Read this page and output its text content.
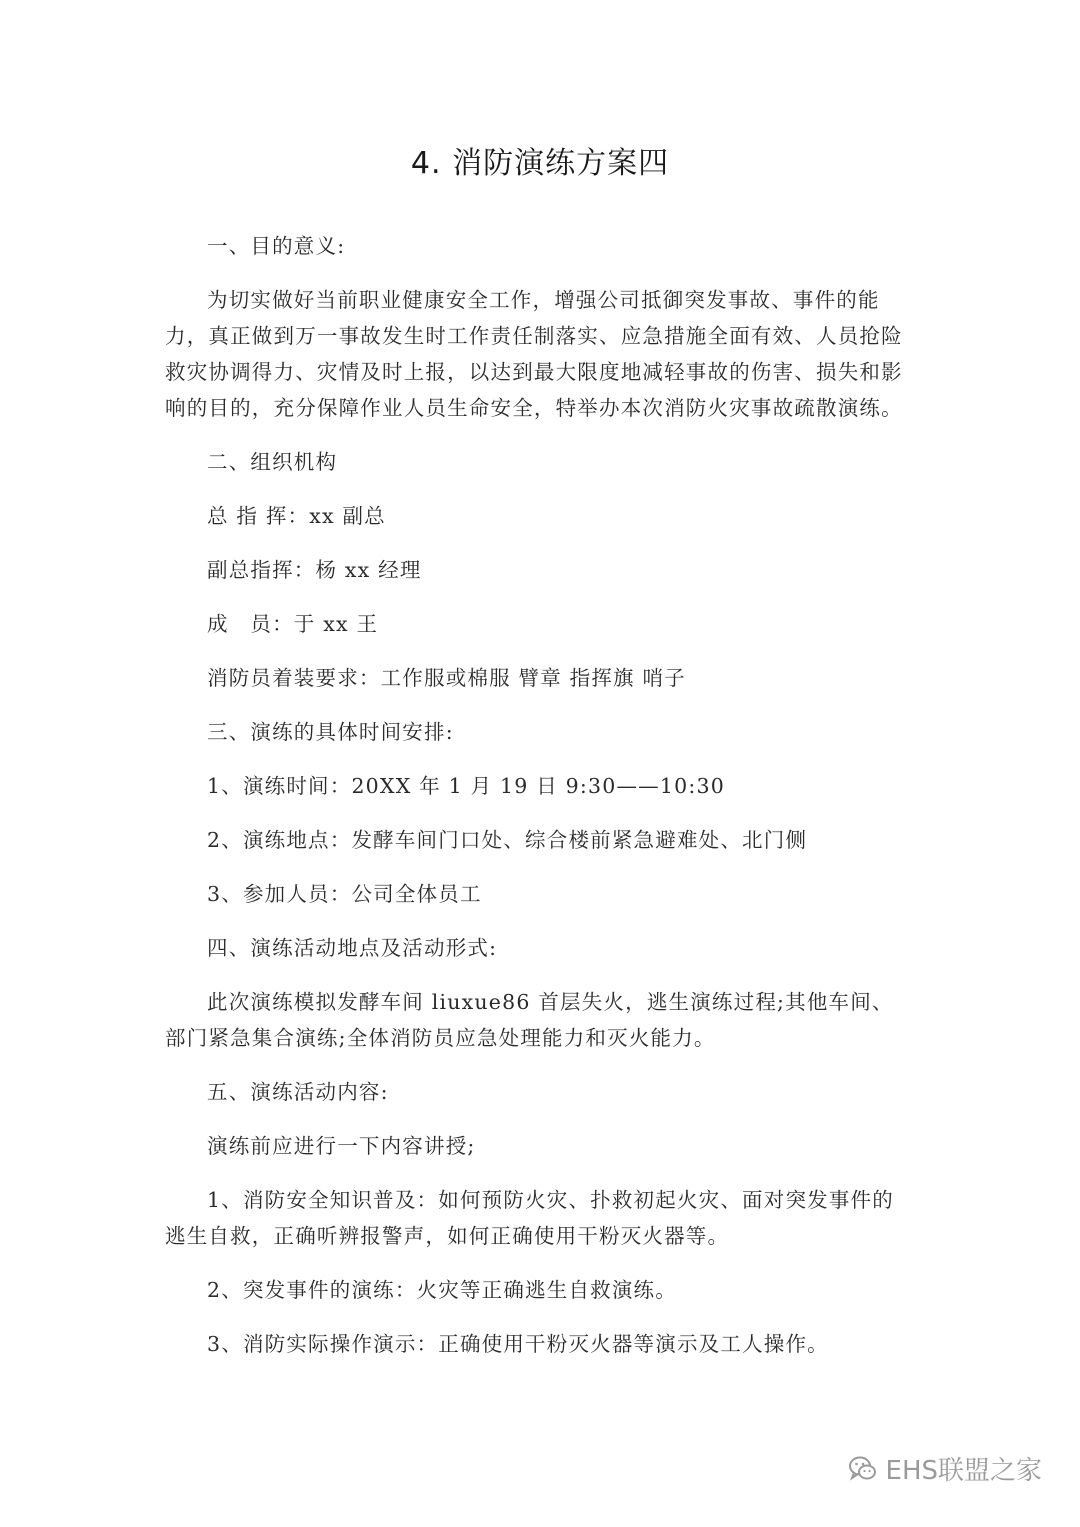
4. 消防演练方案四

一、目的意义:

为切实做好当前职业健康安全工作，增强公司抵御突发事故、事件的能力，真正做到万一事故发生时工作责任制落实、应急措施全面有效、人员抢险救灾协调得力、灾情及时上报，以达到最大限度地减轻事故的伤害、损失和影响的目的，充分保障作业人员生命安全，特举办本次消防火灾事故疏散演练。

二、组织机构

总 指 挥：xx 副总

副总指挥：杨 xx 经理

成　员：于 xx 王

消防员着装要求：工作服或棉服 臂章 指挥旗 哨子

三、演练的具体时间安排:

1、演练时间：20XX 年 1 月 19 日 9:30——10:30

2、演练地点：发酵车间门口处、综合楼前紧急避难处、北门侧

3、参加人员：公司全体员工

四、演练活动地点及活动形式:

此次演练模拟发酵车间 liuxue86 首层失火，逃生演练过程;其他车间、部门紧急集合演练;全体消防员应急处理能力和灭火能力。

五、演练活动内容:

演练前应进行一下内容讲授;

1、消防安全知识普及：如何预防火灾、扑救初起火灾、面对突发事件的逃生自救，正确听辨报警声，如何正确使用干粉灭火器等。

2、突发事件的演练：火灾等正确逃生自救演练。

3、消防实际操作演示：正确使用干粉灭火器等演示及工人操作。

EHS联盟之家
